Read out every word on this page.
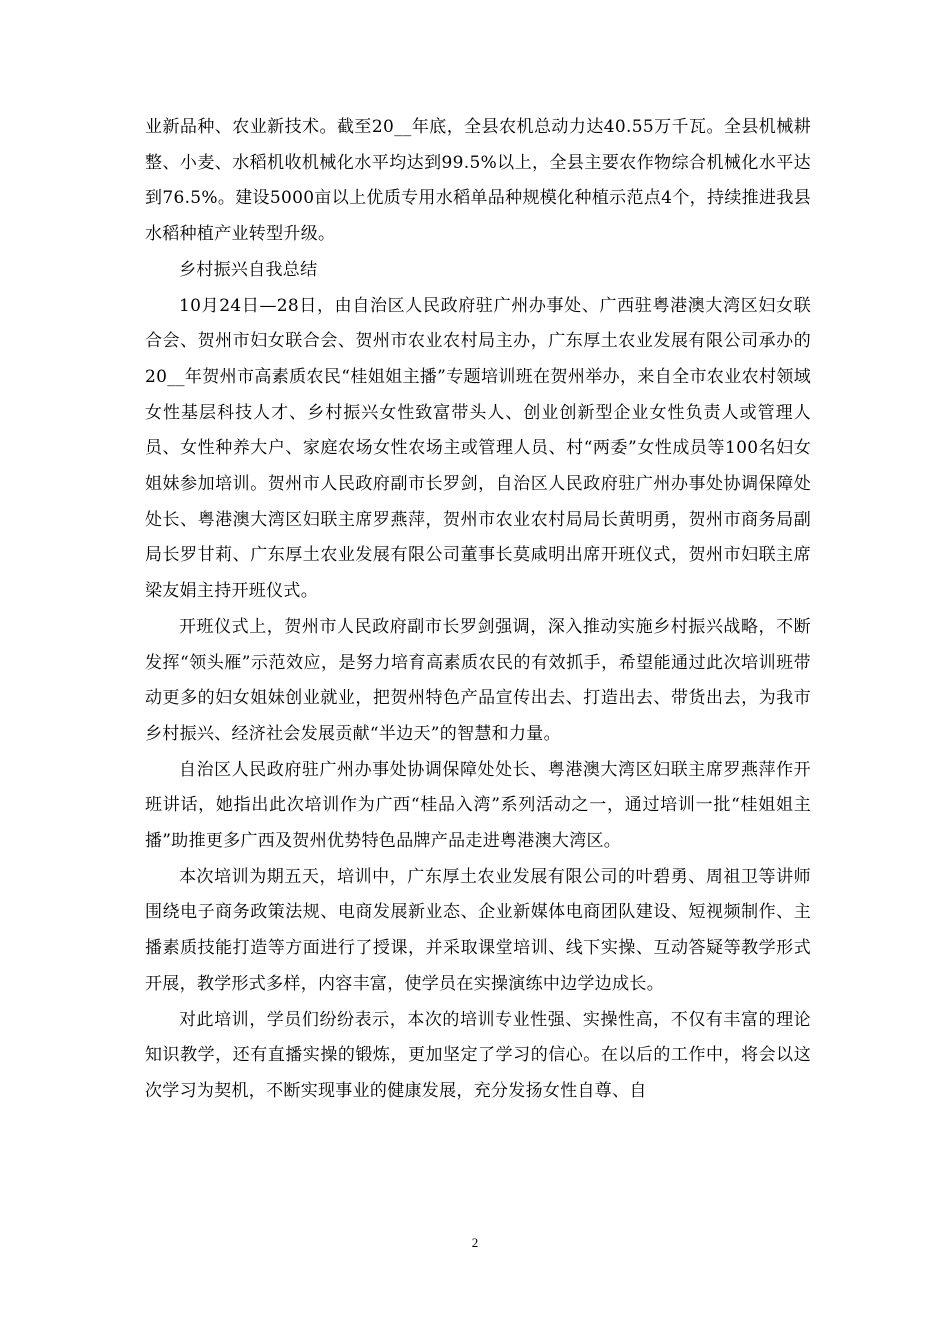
业新品种、农业新技术。截至20__年底，全县农机总动力达40.55万千瓦。全县机械耕整、小麦、水稻机收机械化水平均达到99.5%以上，全县主要农作物综合机械化水平达到76.5%。建设5000亩以上优质专用水稻单品种规模化种植示范点4个，持续推进我县水稻种植产业转型升级。

乡村振兴自我总结

10月24日—28日，由自治区人民政府驻广州办事处、广西驻粤港澳大湾区妇女联合会、贺州市妇女联合会、贺州市农业农村局主办，广东厚土农业发展有限公司承办的20__年贺州市高素质农民“桂姐姐主播”专题培训班在贺州举办，来自全市农业农村领域女性基层科技人才、乡村振兴女性致富带头人、创业创新型企业女性负责人或管理人员、女性种养大户、家庭农场女性农场主或管理人员、村“两委”女性成员等100名妇女姐妹参加培训。贺州市人民政府副市长罗剑，自治区人民政府驻广州办事处协调保障处处长、粤港澳大湾区妇联主席罗燕萍，贺州市农业农村局局长黄明勇，贺州市商务局副局长罗甘莉、广东厚土农业发展有限公司董事长莫咸明出席开班仪式，贺州市妇联主席梁友娟主持开班仪式。

开班仪式上，贺州市人民政府副市长罗剑强调，深入推动实施乡村振兴战略，不断发挥“领头雁”示范效应，是努力培育高素质农民的有效抓手，希望能通过此次培训班带动更多的妇女姐妹创业就业，把贺州特色产品宣传出去、打造出去、带货出去，为我市乡村振兴、经济社会发展贡献“半边天”的智慧和力量。

自治区人民政府驻广州办事处协调保障处处长、粤港澳大湾区妇联主席罗燕萍作开班讲话，她指出此次培训作为广西“桂品入湾”系列活动之一，通过培训一批“桂姐姐主播”助推更多广西及贺州优势特色品牌产品走进粤港澳大湾区。

本次培训为期五天，培训中，广东厚土农业发展有限公司的叶碧勇、周祖卫等讲师围绕电子商务政策法规、电商发展新业态、企业新媒体电商团队建设、短视频制作、主播素质技能打造等方面进行了授课，并采取课堂培训、线下实操、互动答疑等教学形式开展，教学形式多样，内容丰富，使学员在实操演练中边学边成长。

对此培训，学员们纷纷表示，本次的培训专业性强、实操性高，不仅有丰富的理论知识教学，还有直播实操的锻炼，更加坚定了学习的信心。在以后的工作中，将会以这次学习为契机，不断实现事业的健康发展，充分发扬女性自尊、自

2
